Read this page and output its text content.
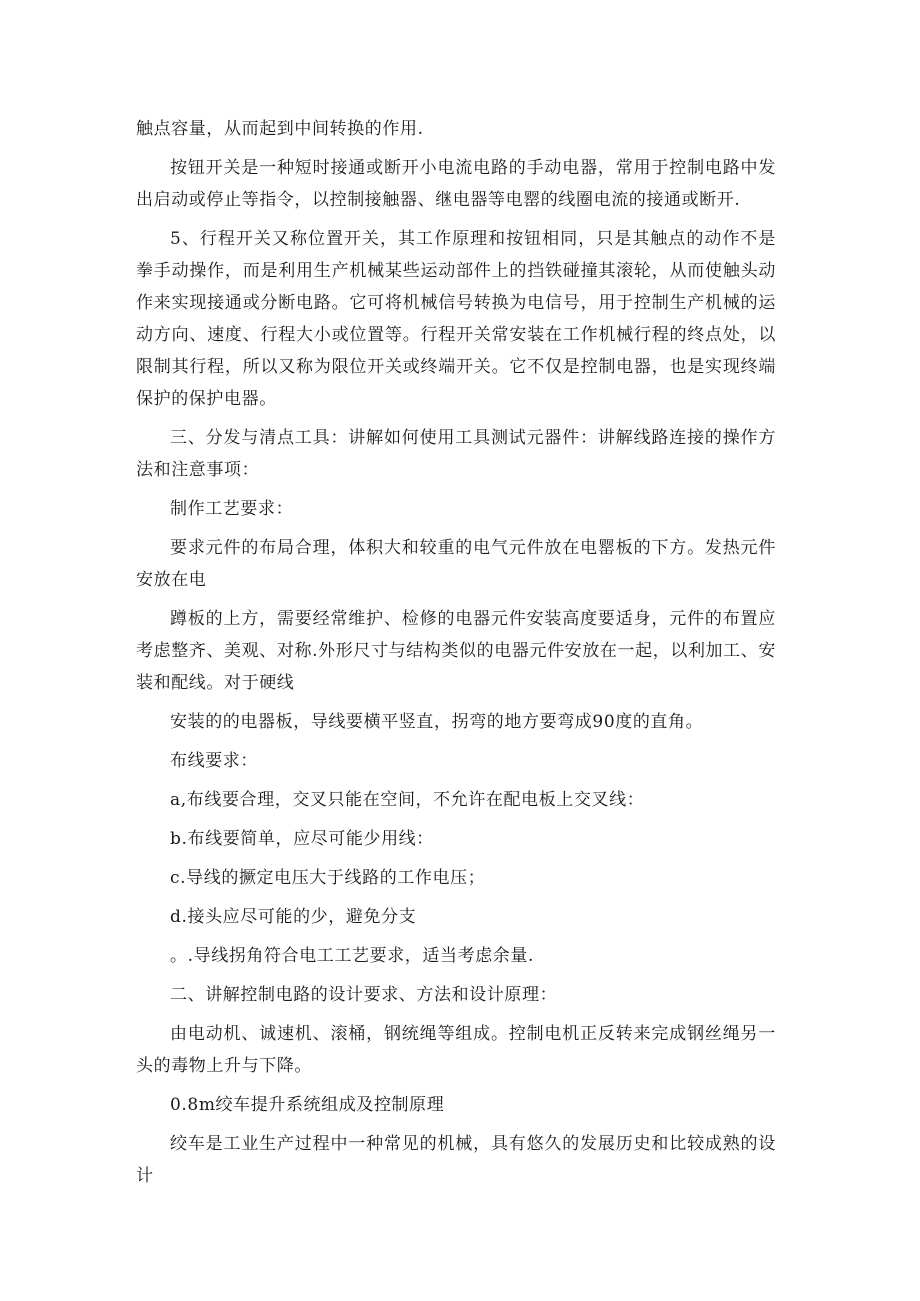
触点容量，从而起到中间转换的作用.

按钮开关是一种短时接通或断开小电流电路的手动电器，常用于控制电路中发出启动或停止等指令，以控制接触器、继电器等电罂的线圈电流的接通或断开.

5、行程开关又称位置开关，其工作原理和按钮相同，只是其触点的动作不是拳手动操作，而是利用生产机械某些运动部件上的挡铁碰撞其滚轮，从而使触头动作来实现接通或分断电路。它可将机械信号转换为电信号，用于控制生产机械的运动方向、速度、行程大小或位置等。行程开关常安装在工作机械行程的终点处，以限制其行程，所以又称为限位开关或终端开关。它不仅是控制电器，也是实现终端保护的保护电器。

三、分发与清点工具：讲解如何使用工具测试元器件：讲解线路连接的操作方法和注意事项：

制作工艺要求：

要求元件的布局合理，体积大和较重的电气元件放在电罂板的下方。发热元件安放在电

蹲板的上方，需要经常维护、检修的电器元件安装高度要适身，元件的布置应考虑整齐、美观、对称.外形尺寸与结构类似的电器元件安放在一起，以利加工、安装和配线。对于硬线

安装的的电器板，导线要横平竖直，拐弯的地方要弯成90度的直角。

布线要求：

a,布线要合理，交叉只能在空间，不允许在配电板上交叉线：

b.布线要简单，应尽可能少用线：

c.导线的撅定电压大于线路的工作电压；

d.接头应尽可能的少，避免分支

。.导线拐角符合电工工艺要求，适当考虑余量.

二、讲解控制电路的设计要求、方法和设计原理：

由电动机、诚速机、滚桶，钢统绳等组成。控制电机正反转来完成钢丝绳另一头的毒物上升与下降。

0.8m绞车提升系统组成及控制原理

绞车是工业生产过程中一种常见的机械，具有悠久的发展历史和比较成熟的设计
